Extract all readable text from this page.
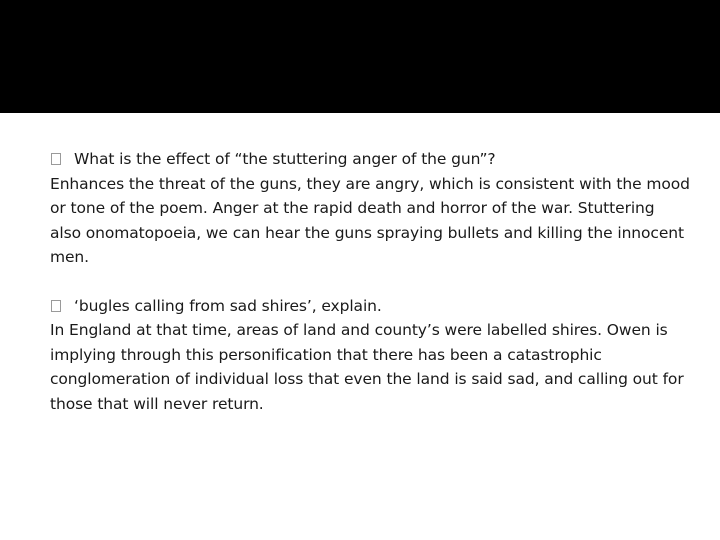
What is the effect of “the stuttering anger of the gun”?

Enhances the threat of the guns, they are angry, which is consistent with the mood or tone of the poem. Anger at the rapid death and horror of the war. Stuttering also onomatopoeia, we can hear the guns spraying bullets and killing the innocent men.

‘bugles calling from sad shires’, explain.

In England at that time, areas of land and county’s were labelled shires. Owen is implying through this personification that there has been a catastrophic conglomeration of individual loss that even the land is said sad, and calling out for those that will never return.
